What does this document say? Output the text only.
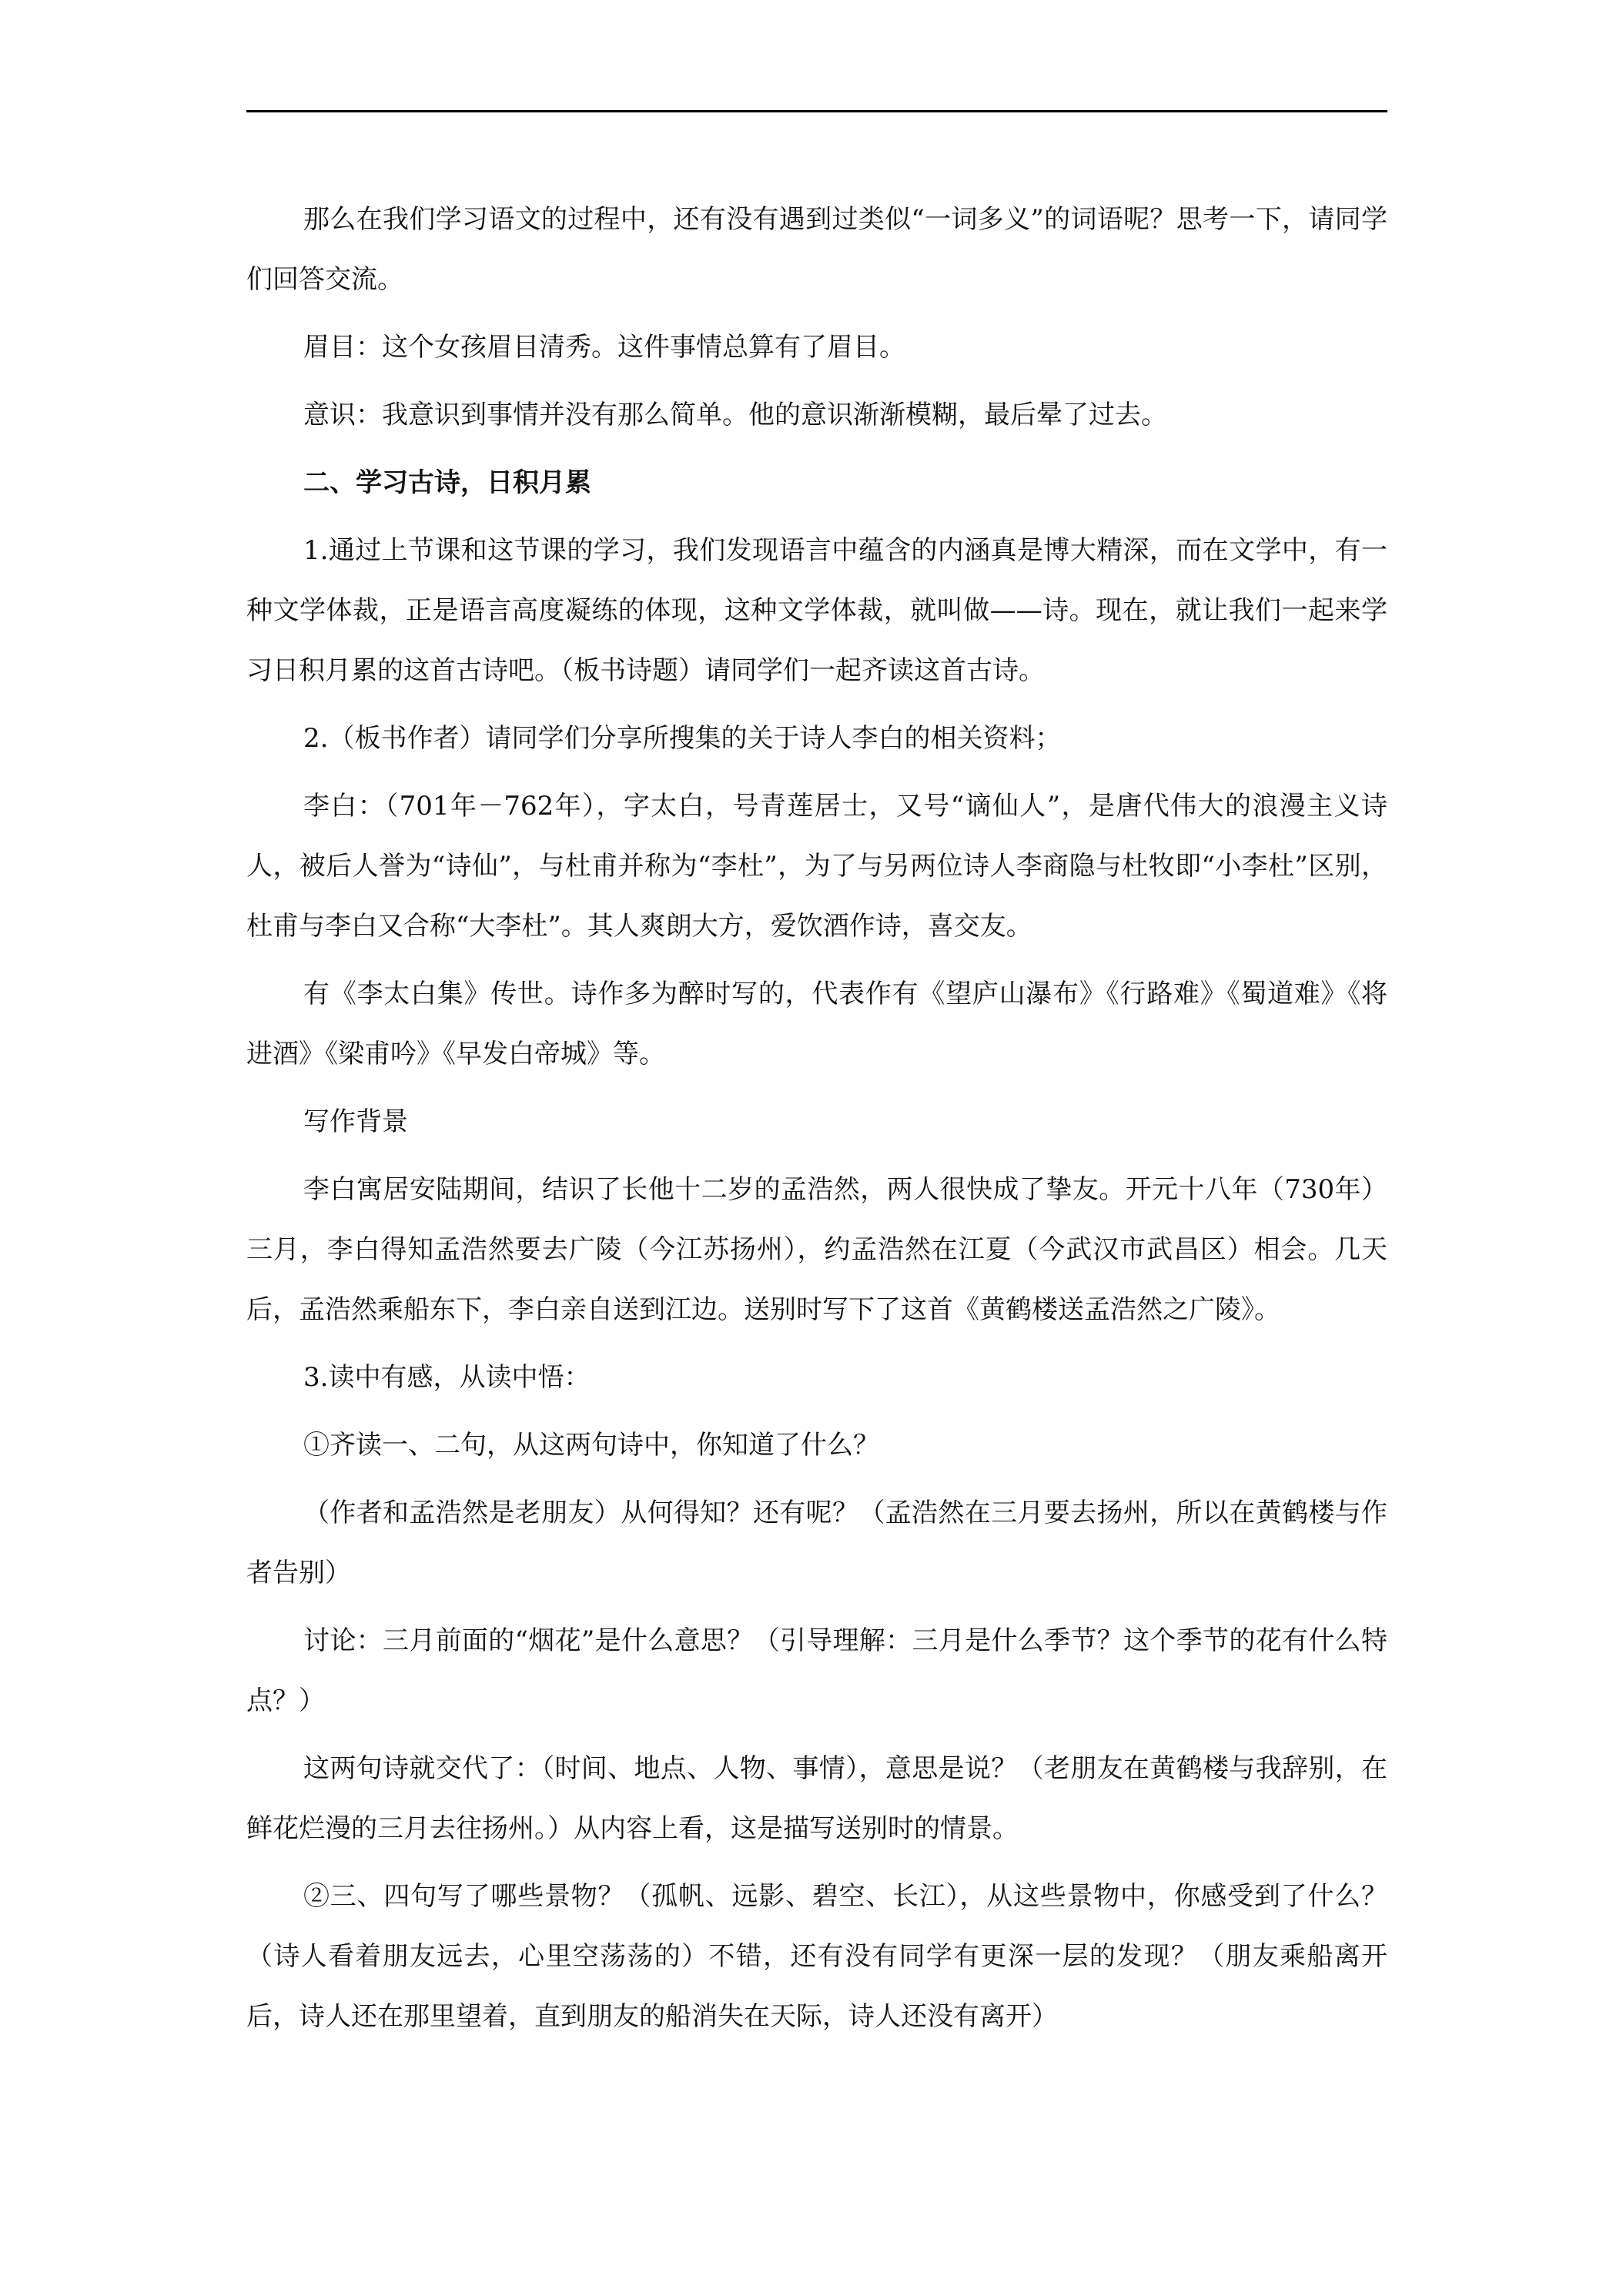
那么在我们学习语文的过程中，还有没有遇到过类似“一词多义”的词语呢？思考一下，请同学们回答交流。

眉目：这个女孩眉目清秀。这件事情总算有了眉目。

意识：我意识到事情并没有那么简单。他的意识渐渐模糊，最后晕了过去。

二、学习古诗，日积月累

1.通过上节课和这节课的学习，我们发现语言中蕴含的内涵真是博大精深，而在文学中，有一种文学体裁，正是语言高度凝练的体现，这种文学体裁，就叫做——诗。现在，就让我们一起来学习日积月累的这首古诗吧。（板书诗题）请同学们一起齐读这首古诗。

2.（板书作者）请同学们分享所搜集的关于诗人李白的相关资料；

李白：（701年－762年），字太白，号青莲居士，又号“谪仙人”，是唐代伟大的浪漫主义诗人，被后人誉为“诗仙”，与杜甫并称为“李杜”，为了与另两位诗人李商隐与杜牧即“小李杜”区别，杜甫与李白又合称“大李杜”。其人爽朗大方，爱饮酒作诗，喜交友。

有《李太白集》传世。诗作多为醉时写的，代表作有《望庐山瀑布》《行路难》《蜀道难》《将进酒》《梁甫吟》《早发白帝城》等。

写作背景

李白寓居安陆期间，结识了长他十二岁的孟浩然，两人很快成了挚友。开元十八年（730年）三月，李白得知孟浩然要去广陵（今江苏扬州），约孟浩然在江夏（今武汉市武昌区）相会。几天后，孟浩然乘船东下，李白亲自送到江边。送别时写下了这首《黄鹤楼送孟浩然之广陵》。

3.读中有感，从读中悟：

①齐读一、二句，从这两句诗中，你知道了什么？

（作者和孟浩然是老朋友）从何得知？还有呢？（孟浩然在三月要去扬州，所以在黄鹤楼与作者告别）

讨论：三月前面的“烟花”是什么意思？（引导理解：三月是什么季节？这个季节的花有什么特点？）

这两句诗就交代了：（时间、地点、人物、事情），意思是说？（老朋友在黄鹤楼与我辞别，在鲜花烂漫的三月去往扬州。）从内容上看，这是描写送别时的情景。

②三、四句写了哪些景物？（孤帆、远影、碧空、长江），从这些景物中，你感受到了什么？（诗人看着朋友远去，心里空荡荡的）不错，还有没有同学有更深一层的发现？（朋友乘船离开后，诗人还在那里望着，直到朋友的船消失在天际，诗人还没有离开）
